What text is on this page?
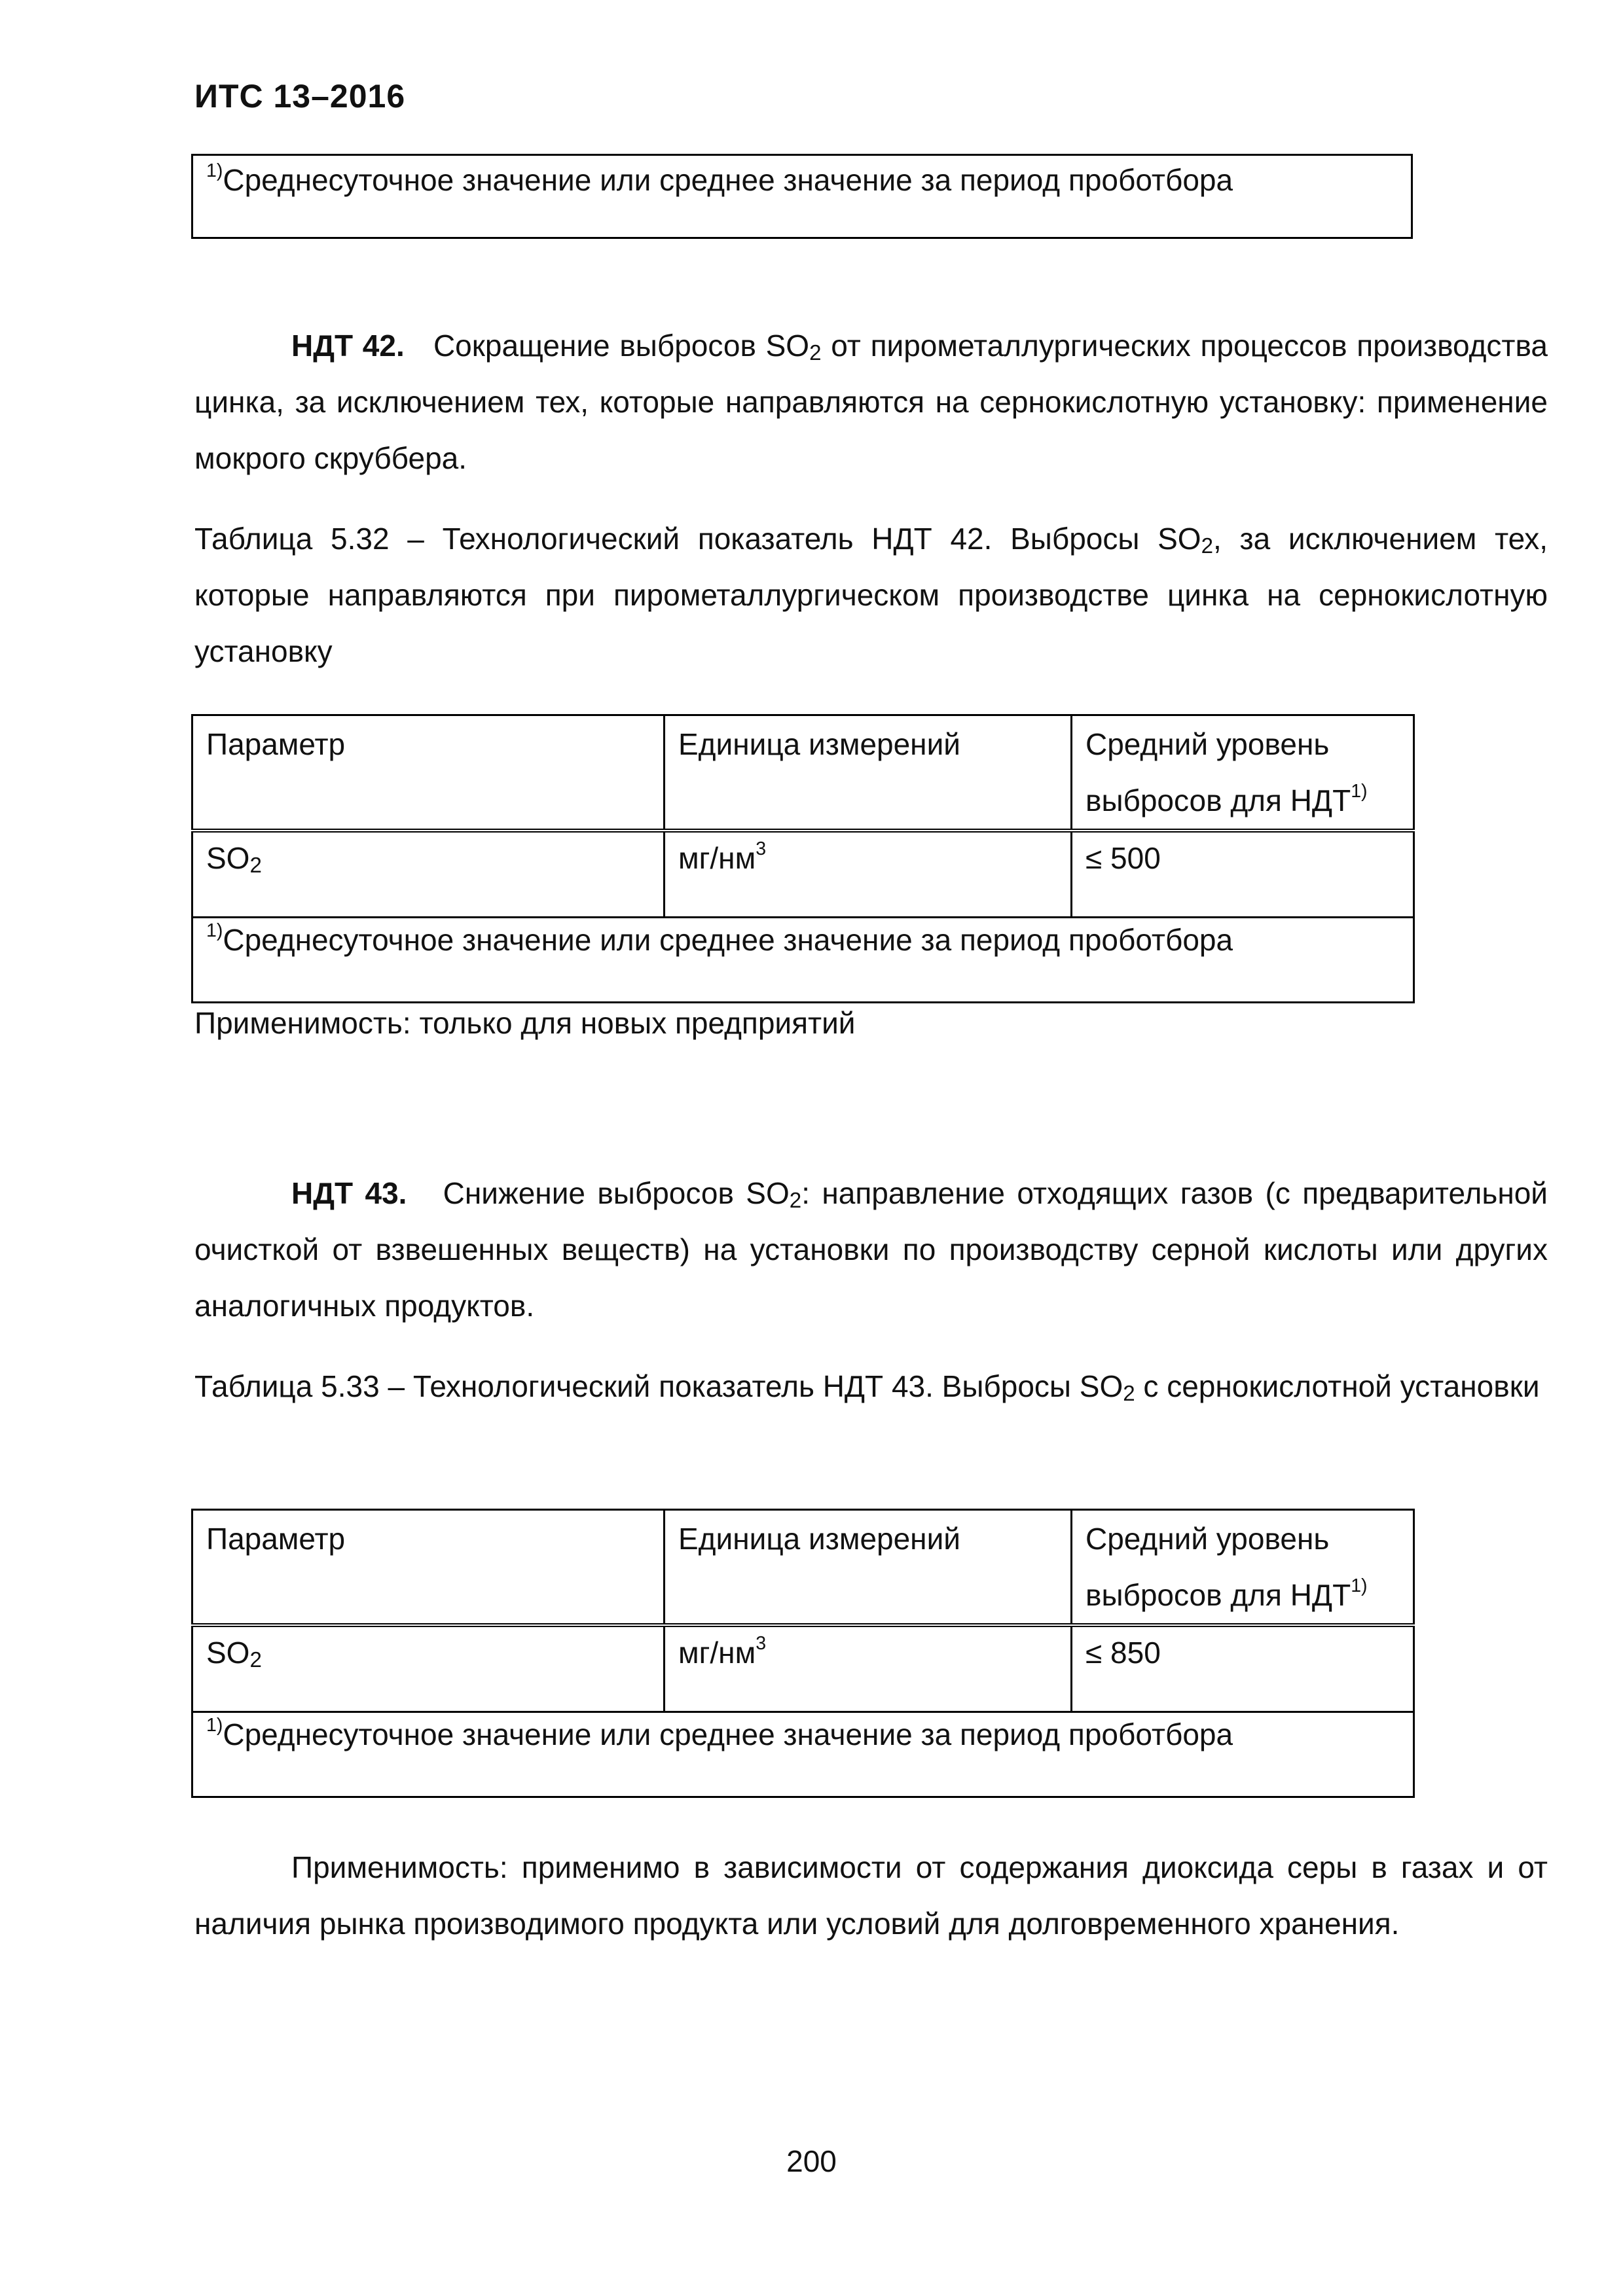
ИТС 13–2016
$^{1)}$Среднесуточное значение или среднее значение за период проботбора

НДТ 42. Сокращение выбросов $SO_2$ от пирометаллургических процессов производства цинка, за исключением тех, которые направляются на сернокислотную установку: применение мокрого скруббера.

Таблица 5.32 – Технологический показатель НДТ 42. Выбросы $SO_2$, за исключением тех, которые направляются при пирометаллургическом производстве цинка на сернокислотную установку

Параметр	Единица измерений	Средний уровень выбросов для НДТ$^{1)}$
$SO_2$	$мг/нм^3$	≤ 500
$^{1)}$Среднесуточное значение или среднее значение за период проботбора		

Применимость: только для новых предприятий

НДТ 43. Снижение выбросов $SO_2$: направление отходящих газов (с предварительной очисткой от взвешенных веществ) на установки по производству серной кислоты или других аналогичных продуктов.

Таблица 5.33 – Технологический показатель НДТ 43. Выбросы $SO_2$ с сернокислотной установки

Параметр	Единица измерений	Средний уровень выбросов для НДТ$^{1)}$
$SO_2$	$мг/нм^3$	≤ 850
$^{1)}$Среднесуточное значение или среднее значение за период проботбора		

Применимость: применимо в зависимости от содержания диоксида серы в газах и от наличия рынка производимого продукта или условий для долговременного хранения.

200
